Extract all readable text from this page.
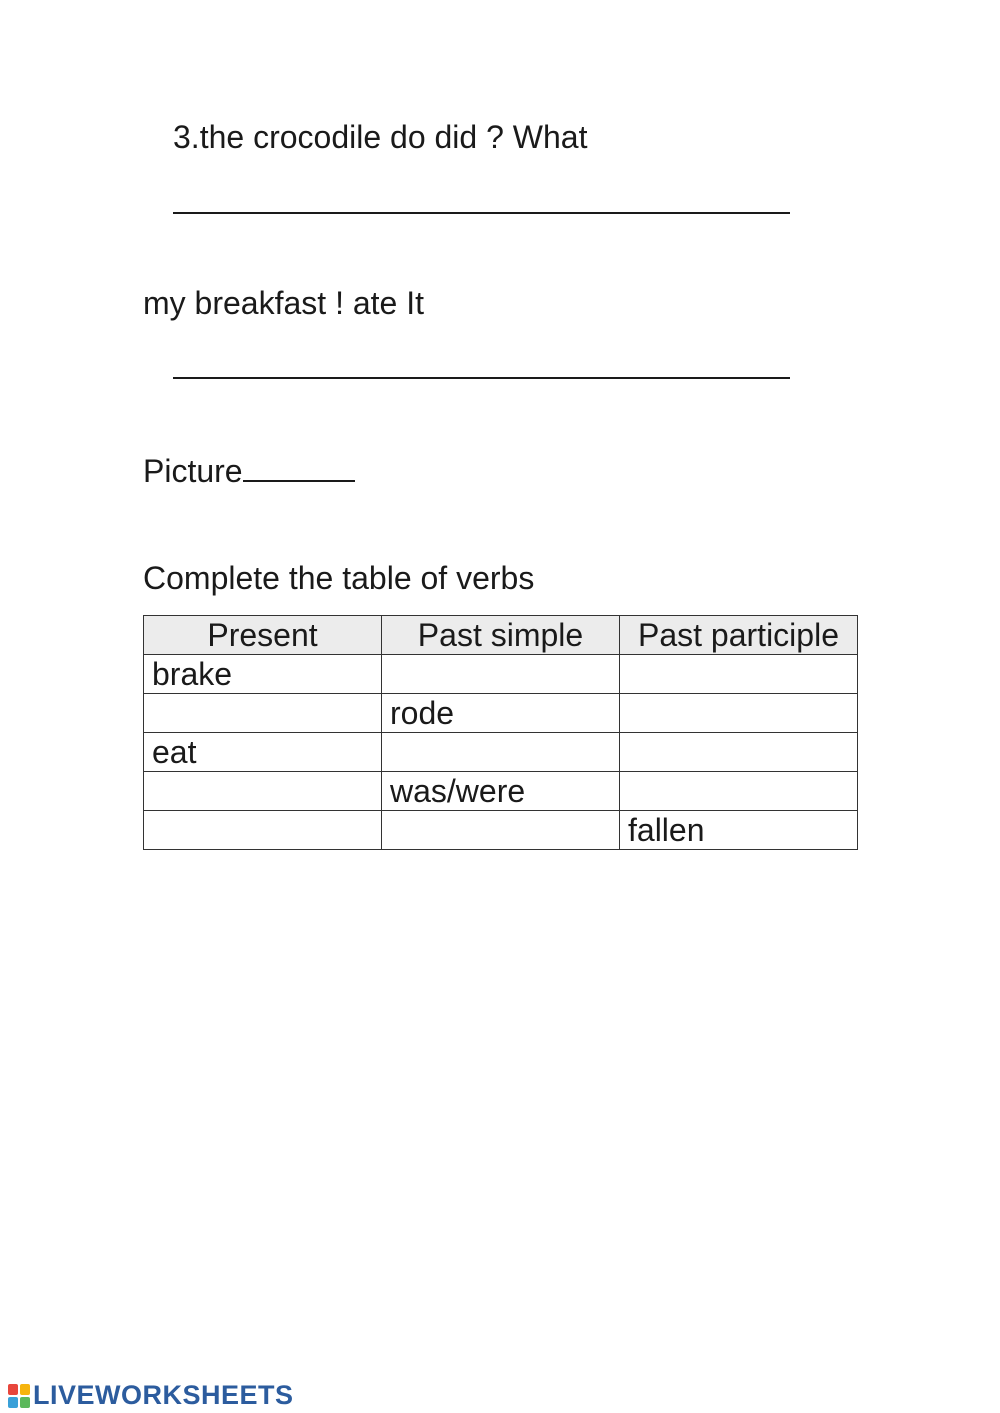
3.the crocodile do did ? What
my breakfast ! ate It
Picture
Complete the table of verbs
Present	Past simple	Past participle
brake		
	rode	
eat		
	was/were	
		fallen
LIVEWORKSHEETS
